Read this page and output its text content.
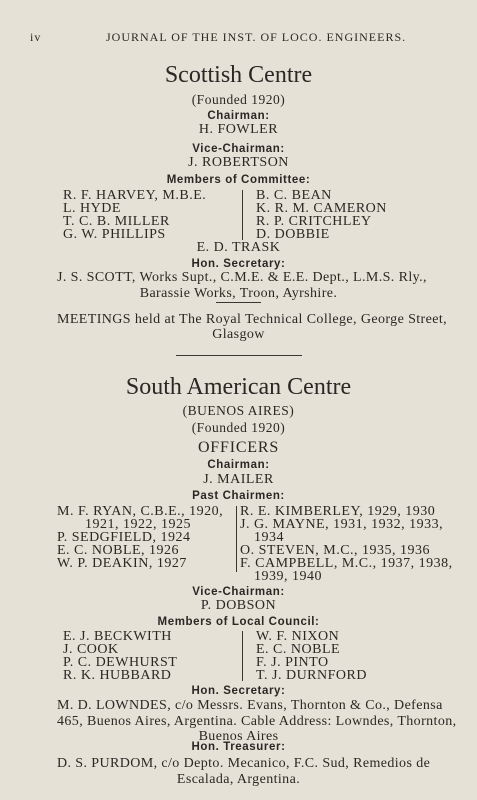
iv	JOURNAL OF THE INST. OF LOCO. ENGINEERS.
Scottish Centre
(Founded 1920)
Chairman:
H. FOWLER
Vice-Chairman:
J. ROBERTSON
Members of Committee:
R. F. HARVEY, M.B.E.
L. HYDE
T. C. B. MILLER
G. W. PHILLIPS
B. C. BEAN
K. R. M. CAMERON
R. P. CRITCHLEY
D. DOBBIE
E. D. TRASK
Hon. Secretary:
J. S. SCOTT, Works Supt., C.M.E. & E.E. Dept., L.M.S. Rly.,
Barassie Works, Troon, Ayrshire.
MEETINGS held at The Royal Technical College, George Street,
Glasgow
South American Centre
(BUENOS AIRES)
(Founded 1920)
OFFICERS
Chairman:
J. MAILER
Past Chairmen:
M. F. RYAN, C.B.E., 1920,
1921, 1922, 1925
P. SEDGFIELD, 1924
E. C. NOBLE, 1926
W. P. DEAKIN, 1927
R. E. KIMBERLEY, 1929, 1930
J. G. MAYNE, 1931, 1932, 1933,
1934
O. STEVEN, M.C., 1935, 1936
F. CAMPBELL, M.C., 1937, 1938,
1939, 1940
Vice-Chairman:
P. DOBSON
Members of Local Council:
E. J. BECKWITH
J. COOK
P. C. DEWHURST
R. K. HUBBARD
W. F. NIXON
E. C. NOBLE
F. J. PINTO
T. J. DURNFORD
Hon. Secretary:
M. D. LOWNDES, c/o Messrs. Evans, Thornton & Co., Defensa
465, Buenos Aires, Argentina. Cable Address: Lowndes, Thornton,
Buenos Aires
Hon. Treasurer:
D. S. PURDOM, c/o Depto. Mecanico, F.C. Sud, Remedios de
Escalada, Argentina.
